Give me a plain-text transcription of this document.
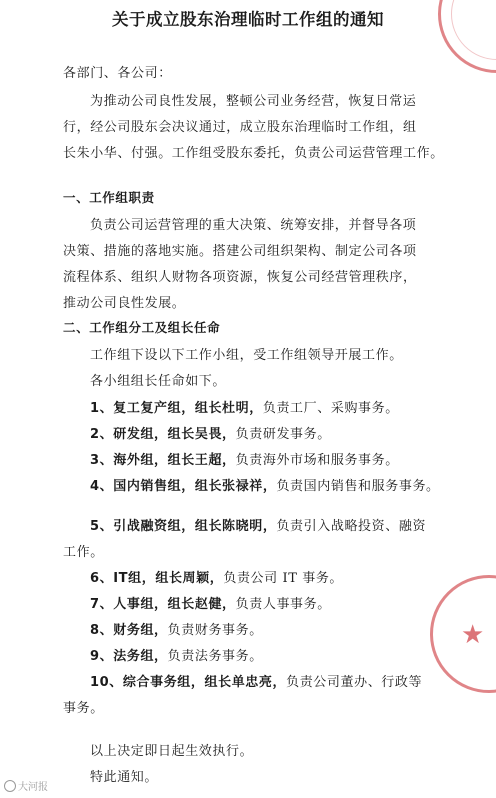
关于成立股东治理临时工作组的通知
各部门、各公司：
为推动公司良性发展，整顿公司业务经营，恢复日常运
行，经公司股东会决议通过，成立股东治理临时工作组，组
长朱小华、付强。工作组受股东委托，负责公司运营管理工作。
一、工作组职责
负责公司运营管理的重大决策、统筹安排，并督导各项
决策、措施的落地实施。搭建公司组织架构、制定公司各项
流程体系、组织人财物各项资源，恢复公司经营管理秩序，
推动公司良性发展。
二、工作组分工及组长任命
工作组下设以下工作小组，受工作组领导开展工作。
各小组组长任命如下。
1、复工复产组，组长杜明，负责工厂、采购事务。
2、研发组，组长吴畏，负责研发事务。
3、海外组，组长王超，负责海外市场和服务事务。
4、国内销售组，组长张禄祥，负责国内销售和服务事务。
5、引战融资组，组长陈晓明，负责引入战略投资、融资
工作。
6、IT组，组长周颖，负责公司 IT 事务。
7、人事组，组长赵健，负责人事事务。
8、财务组，负责财务事务。
9、法务组，负责法务事务。
10、综合事务组，组长单忠亮，负责公司董办、行政等
事务。
以上决定即日起生效执行。
特此通知。
★
大河报
